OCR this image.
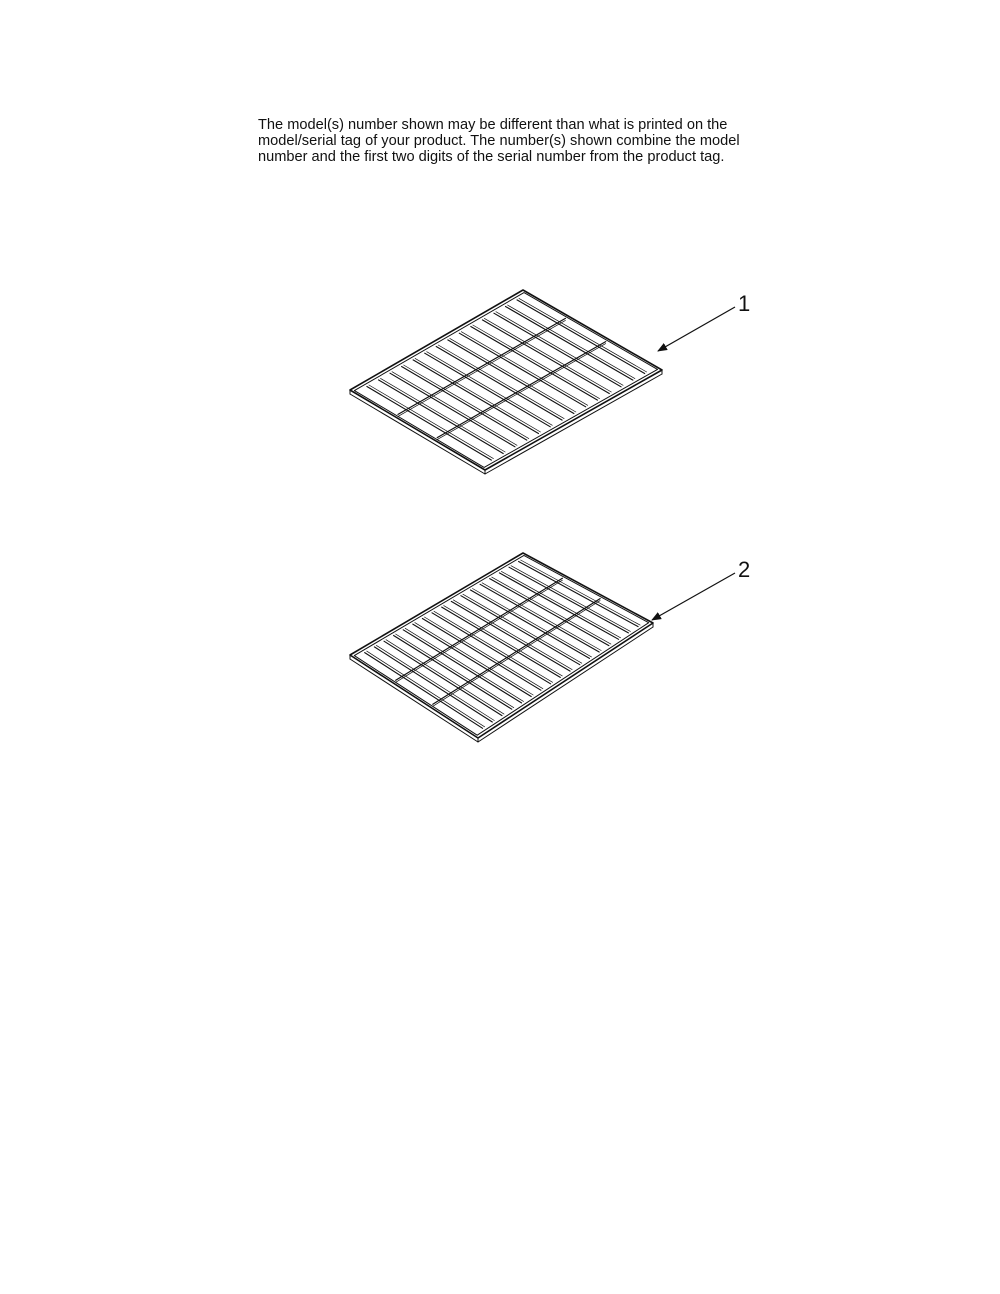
The model(s) number shown may be different than what is printed on the
model/serial tag of your product. The number(s) shown combine the model
number and the first two digits of the serial number from the product tag.
1
2
